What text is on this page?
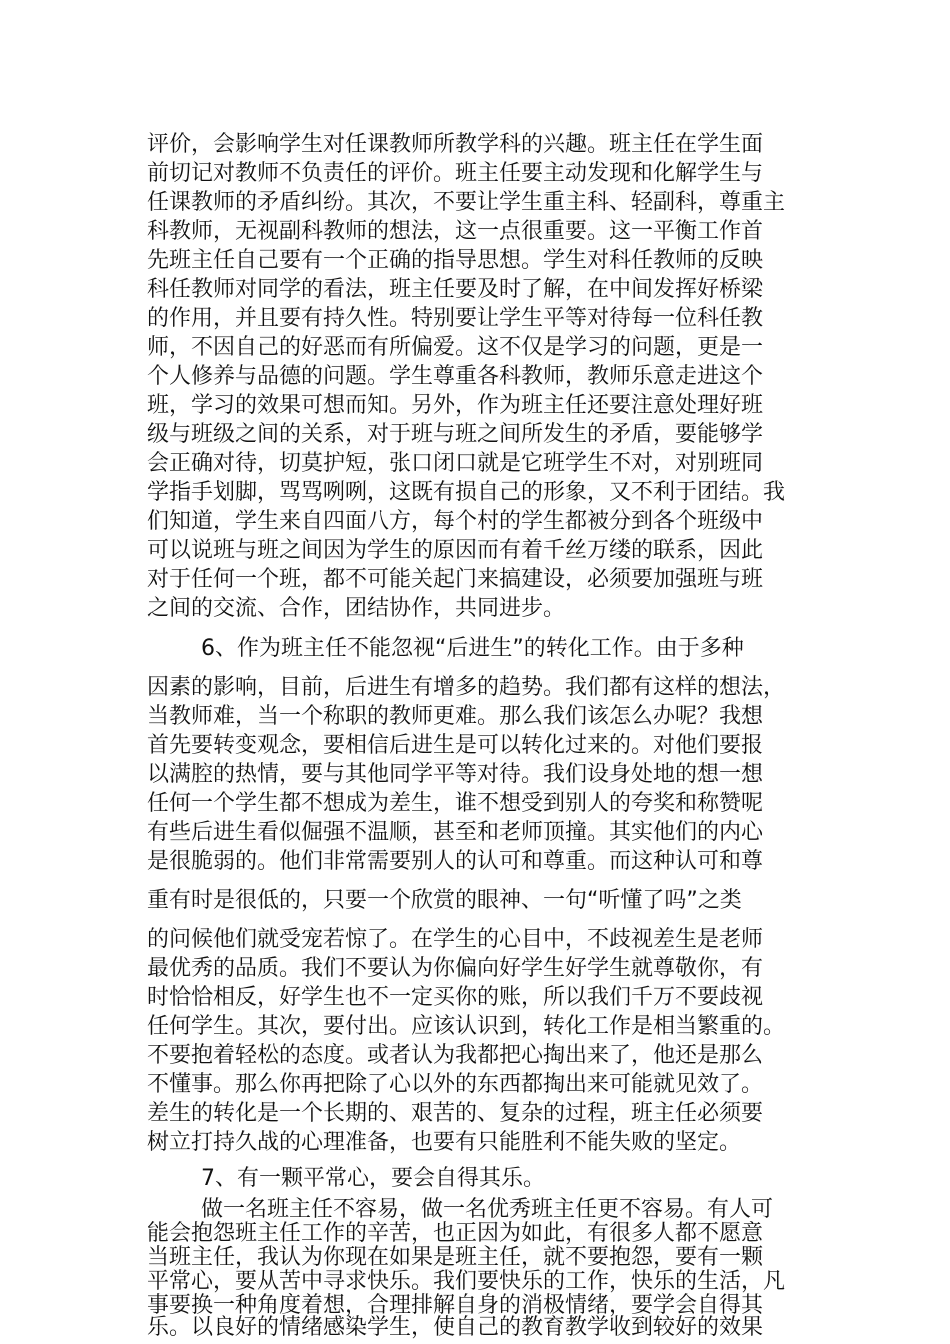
评价，会影响学生对任课教师所教学科的兴趣。班主任在学生面
前切记对教师不负责任的评价。班主任要主动发现和化解学生与
任课教师的矛盾纠纷。其次，不要让学生重主科、轻副科，尊重主
科教师，无视副科教师的想法，这一点很重要。这一平衡工作首
先班主任自己要有一个正确的指导思想。学生对科任教师的反映
科任教师对同学的看法，班主任要及时了解，在中间发挥好桥梁
的作用，并且要有持久性。特别要让学生平等对待每一位科任教
师，不因自己的好恶而有所偏爱。这不仅是学习的问题，更是一
个人修养与品德的问题。学生尊重各科教师，教师乐意走进这个
班，学习的效果可想而知。另外，作为班主任还要注意处理好班
级与班级之间的关系，对于班与班之间所发生的矛盾，要能够学
会正确对待，切莫护短，张口闭口就是它班学生不对，对别班同
学指手划脚，骂骂咧咧，这既有损自己的形象，又不利于团结。我
们知道，学生来自四面八方，每个村的学生都被分到各个班级中
可以说班与班之间因为学生的原因而有着千丝万缕的联系，因此
对于任何一个班，都不可能关起门来搞建设，必须要加强班与班
之间的交流、合作，团结协作，共同进步。
6、作为班主任不能忽视“后进生”的转化工作。由于多种
因素的影响，目前，后进生有增多的趋势。我们都有这样的想法，
当教师难，当一个称职的教师更难。那么我们该怎么办呢？我想
首先要转变观念，要相信后进生是可以转化过来的。对他们要报
以满腔的热情，要与其他同学平等对待。我们设身处地的想一想
任何一个学生都不想成为差生，谁不想受到别人的夸奖和称赞呢
有些后进生看似倔强不温顺，甚至和老师顶撞。其实他们的内心
是很脆弱的。他们非常需要别人的认可和尊重。而这种认可和尊
重有时是很低的，只要一个欣赏的眼神、一句“听懂了吗”之类
的问候他们就受宠若惊了。在学生的心目中，不歧视差生是老师
最优秀的品质。我们不要认为你偏向好学生好学生就尊敬你，有
时恰恰相反，好学生也不一定买你的账，所以我们千万不要歧视
任何学生。其次，要付出。应该认识到，转化工作是相当繁重的。
不要抱着轻松的态度。或者认为我都把心掏出来了，他还是那么
不懂事。那么你再把除了心以外的东西都掏出来可能就见效了。
差生的转化是一个长期的、艰苦的、复杂的过程，班主任必须要
树立打持久战的心理准备，也要有只能胜利不能失败的坚定。
7、有一颗平常心，要会自得其乐。
做一名班主任不容易，做一名优秀班主任更不容易。有人可
能会抱怨班主任工作的辛苦，也正因为如此，有很多人都不愿意
当班主任，我认为你现在如果是班主任，就不要抱怨，要有一颗
平常心，要从苦中寻求快乐。我们要快乐的工作，快乐的生活，凡
事要换一种角度着想，合理排解自身的消极情绪，要学会自得其
乐。以良好的情绪感染学生，使自己的教育教学收到较好的效果
